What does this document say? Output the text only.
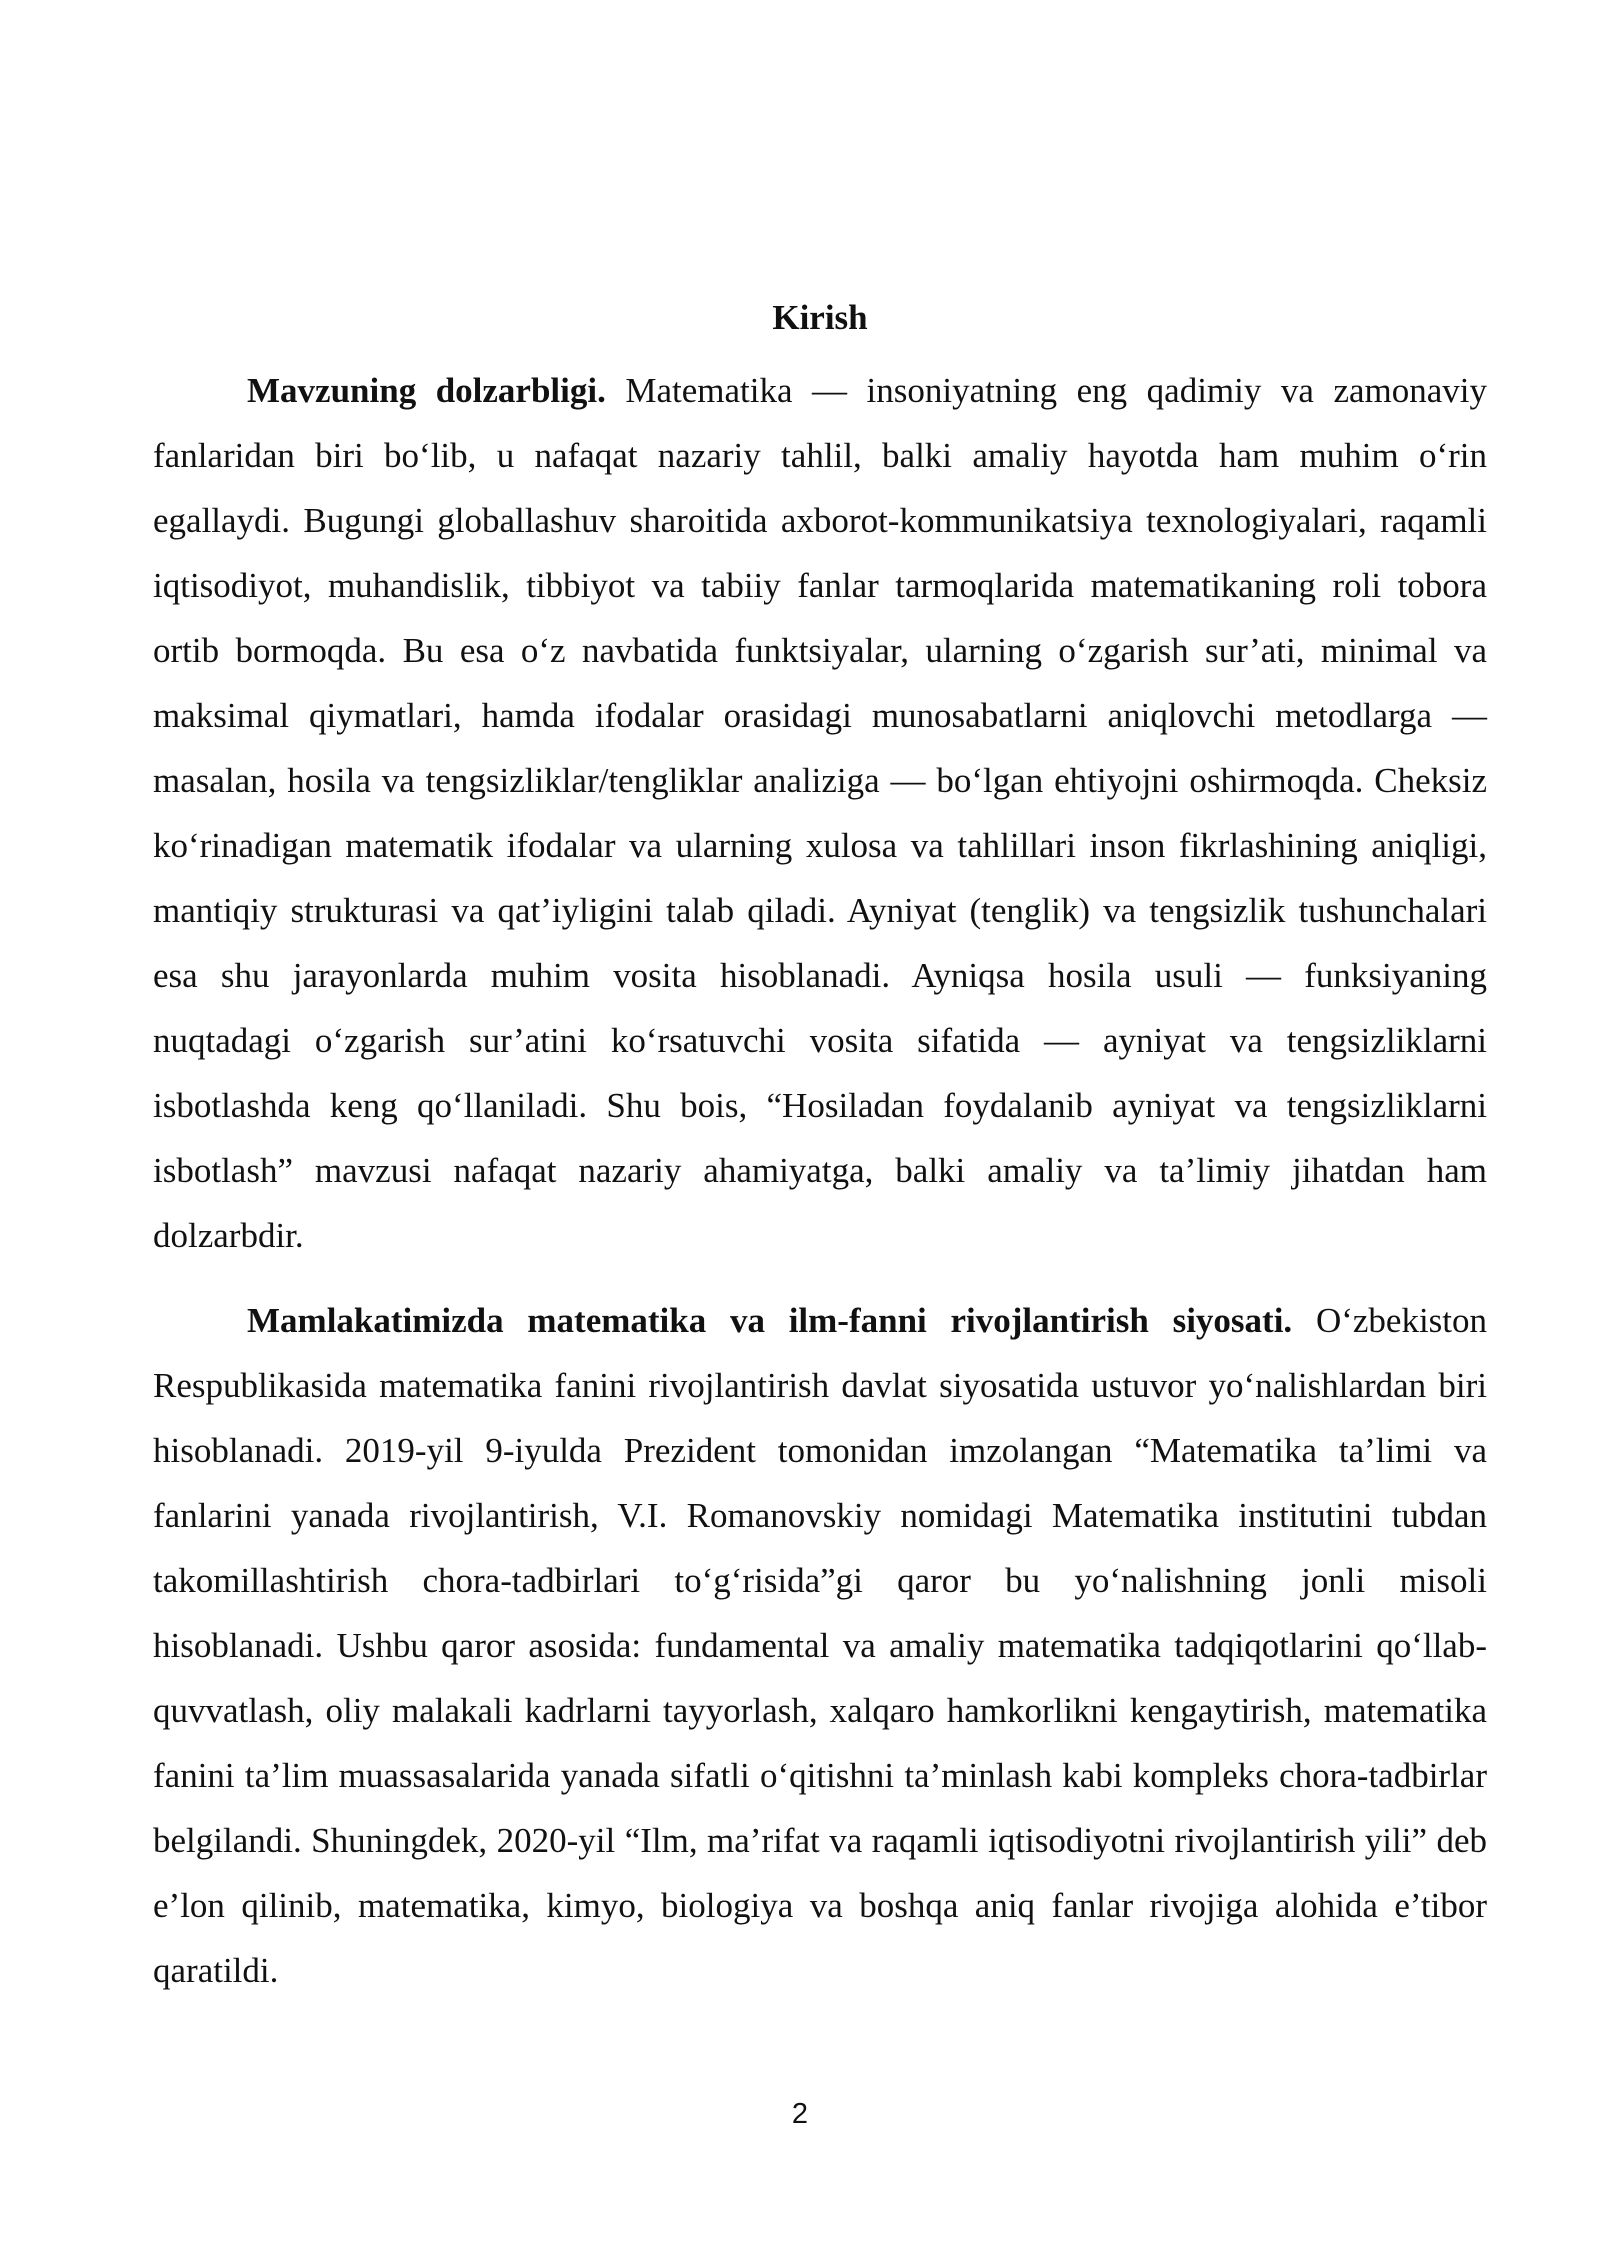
Kirish

Mavzuning dolzarbligi. Matematika — insoniyatning eng qadimiy va zamonaviy fanlaridan biri bo‘lib, u nafaqat nazariy tahlil, balki amaliy hayotda ham muhim o‘rin egallaydi. Bugungi globallashuv sharoitida axborot-kommunikatsiya texnologiyalari, raqamli iqtisodiyot, muhandislik, tibbiyot va tabiiy fanlar tarmoqlarida matematikaning roli tobora ortib bormoqda. Bu esa o‘z navbatida funktsiyalar, ularning o‘zgarish sur’ati, minimal va maksimal qiymatlari, hamda ifodalar orasidagi munosabatlarni aniqlovchi metodlarga — masalan, hosila va tengsizliklar/tengliklar analiziga — bo‘lgan ehtiyojni oshirmoqda. Cheksiz ko‘rinadigan matematik ifodalar va ularning xulosa va tahlillari inson fikrlashining aniqligi, mantiqiy strukturasi va qat’iyligini talab qiladi. Ayniyat (tenglik) va tengsizlik tushunchalari esa shu jarayonlarda muhim vosita hisoblanadi. Ayniqsa hosila usuli — funksiyaning nuqtadagi o‘zgarish sur’atini ko‘rsatuvchi vosita sifatida — ayniyat va tengsizliklarni isbotlashda keng qo‘llaniladi. Shu bois, “Hosiladan foydalanib ayniyat va tengsizliklarni isbotlash” mavzusi nafaqat nazariy ahamiyatga, balki amaliy va ta’limiy jihatdan ham dolzarbdir.

Mamlakatimizda matematika va ilm-fanni rivojlantirish siyosati. O‘zbekiston Respublikasida matematika fanini rivojlantirish davlat siyosatida ustuvor yo‘nalishlardan biri hisoblanadi. 2019-yil 9-iyulda Prezident tomonidan imzolangan “Matematika ta’limi va fanlarini yanada rivojlantirish, V.I. Romanovskiy nomidagi Matematika institutini tubdan takomillashtirish chora-tadbirlari to‘g‘risida”gi qaror bu yo‘nalishning jonli misoli hisoblanadi. Ushbu qaror asosida: fundamental va amaliy matematika tadqiqotlarini qo‘llab-quvvatlash, oliy malakali kadrlarni tayyorlash, xalqaro hamkorlikni kengaytirish, matematika fanini ta’lim muassasalarida yanada sifatli o‘qitishni ta’minlash kabi kompleks chora-tadbirlar belgilandi. Shuningdek, 2020-yil “Ilm, ma’rifat va raqamli iqtisodiyotni rivojlantirish yili” deb e’lon qilinib, matematika, kimyo, biologiya va boshqa aniq fanlar rivojiga alohida e’tibor qaratildi.

2
